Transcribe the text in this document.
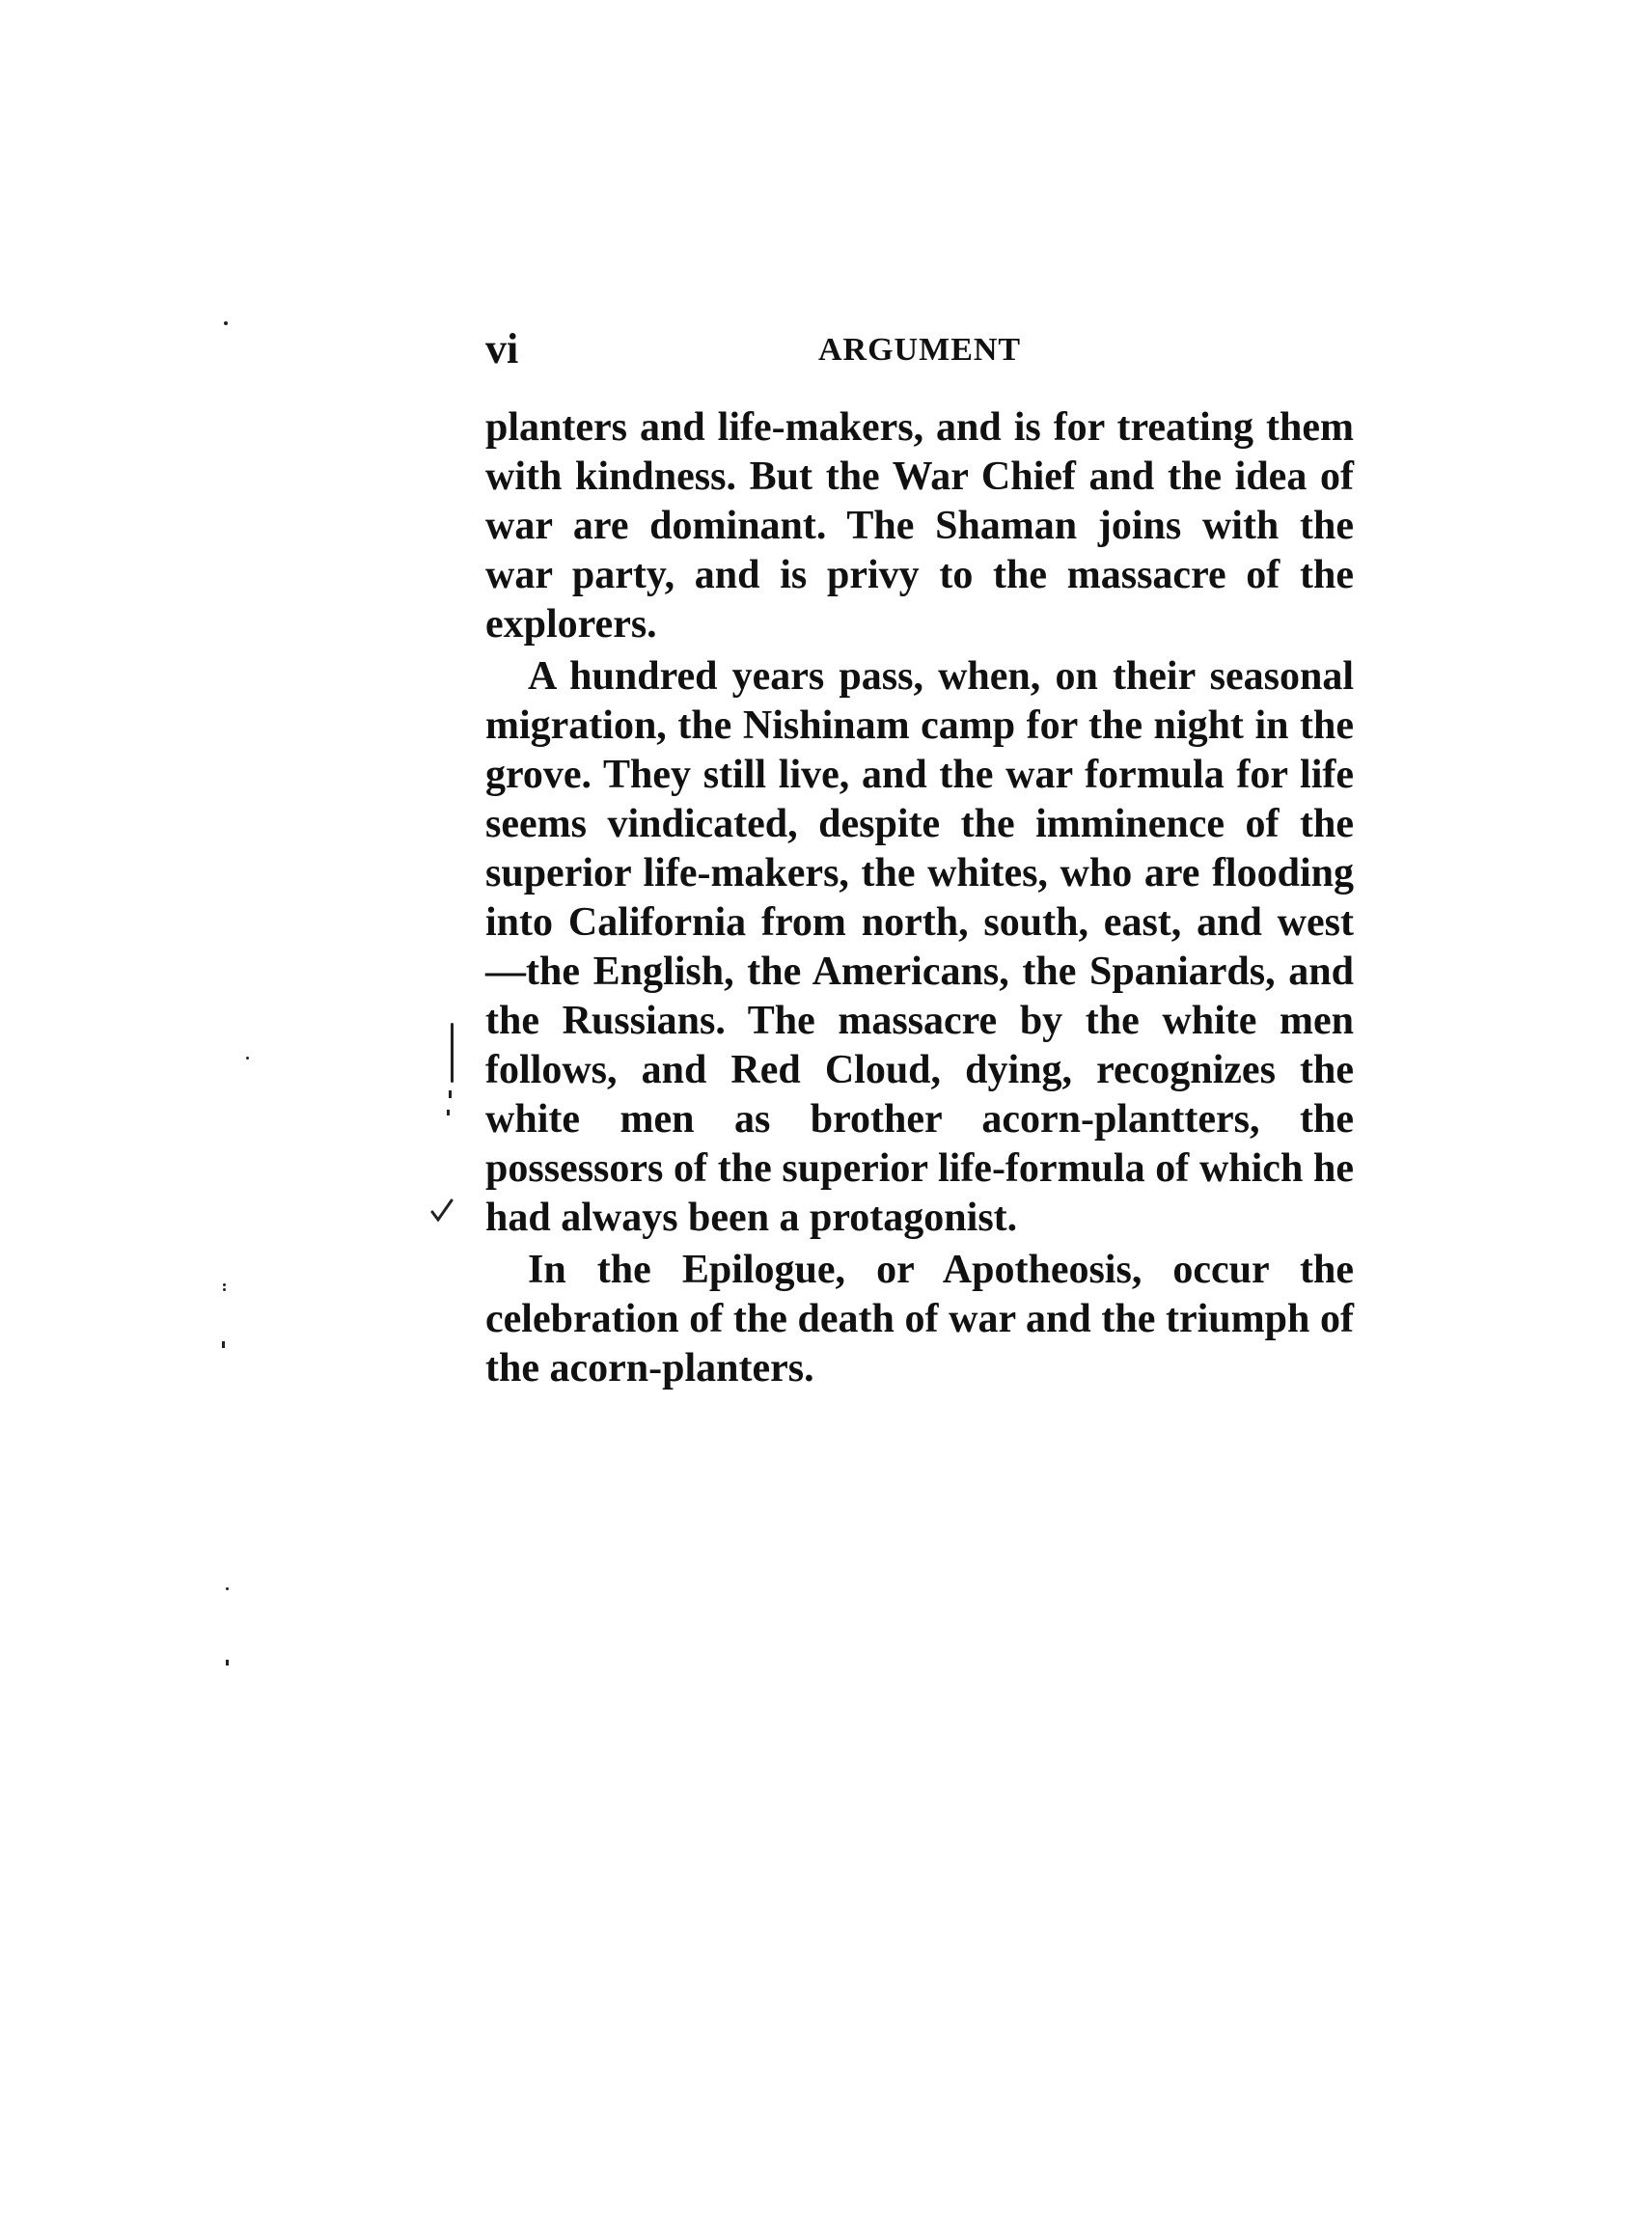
vi	ARGUMENT

planters and life-makers, and is for treating them with kindness. But the War Chief and the idea of war are dominant. The Shaman joins with the war party, and is privy to the massacre of the explorers.

A hundred years pass, when, on their seasonal migration, the Nishinam camp for the night in the grove. They still live, and the war formula for life seems vindicated, despite the imminence of the superior life-makers, the whites, who are flooding into California from north, south, east, and west—the English, the Americans, the Spaniards, and the Russians. The massacre by the white men follows, and Red Cloud, dying, recognizes the white men as brother acorn-plantters, the possessors of the superior life-formula of which he had always been a protagonist.

In the Epilogue, or Apotheosis, occur the celebration of the death of war and the triumph of the acorn-planters.
